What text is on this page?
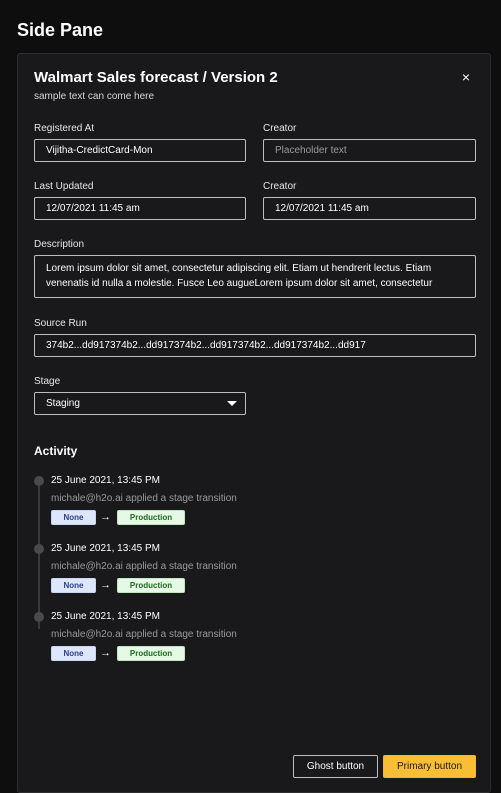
Side Pane
Walmart Sales forecast / Version 2
sample text can come here
×
Registered At
Vijitha-CredictCard-Mon
Creator
Placeholder text
Last Updated
12/07/2021 11:45 am
Creator
12/07/2021 11:45 am
Description
Lorem ipsum dolor sit amet, consectetur adipiscing elit. Etiam ut hendrerit lectus. Etiam venenatis id nulla a molestie. Fusce Leo augueLorem ipsum dolor sit amet, consectetur
Source Run
374b2...dd917374b2...dd917374b2...dd917374b2...dd917374b2...dd917
Stage
Staging
Activity
25 June 2021, 13:45 PM
michale@h2o.ai applied a stage transition
None	→	Production
25 June 2021, 13:45 PM
michale@h2o.ai applied a stage transition
None	→	Production
25 June 2021, 13:45 PM
michale@h2o.ai applied a stage transition
None	→	Production
Ghost button	Primary button
